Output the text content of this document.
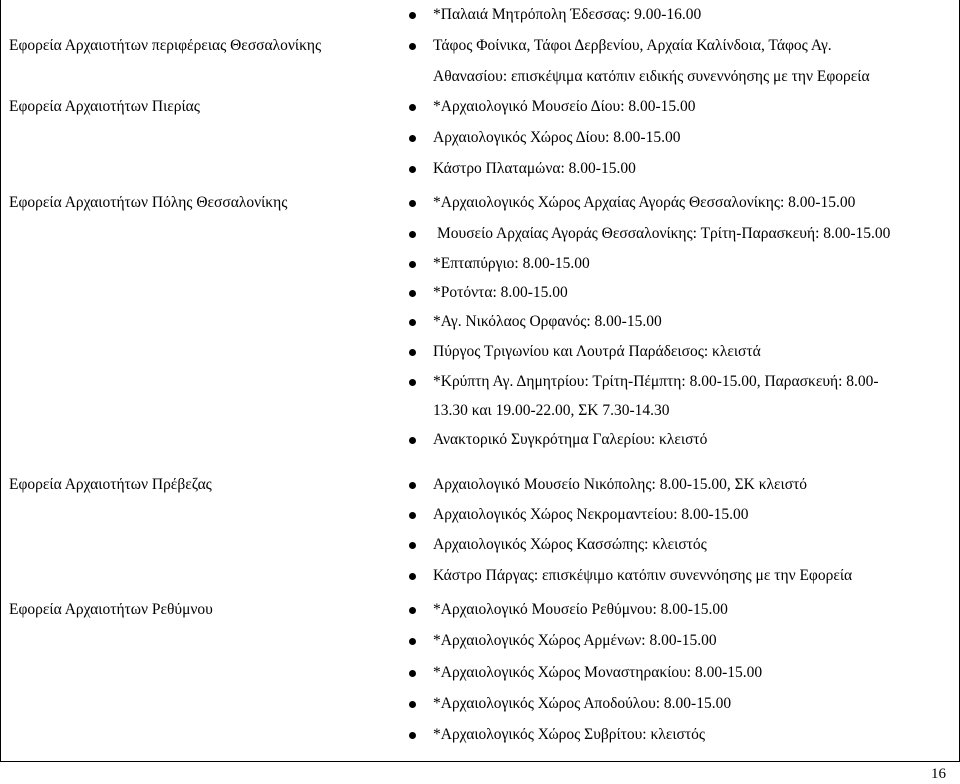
*Παλαιά Μητρόπολη Έδεσσας: 9.00-16.00
Εφορεία Αρχαιοτήτων περιφέρειας Θεσσαλονίκης	Τάφος Φοίνικα, Τάφοι Δερβενίου, Αρχαία Καλίνδοια, Τάφος Αγ.
Αθανασίου: επισκέψιμα κατόπιν ειδικής συνεννόησης με την Εφορεία
Εφορεία Αρχαιοτήτων Πιερίας	*Αρχαιολογικό Μουσείο Δίου: 8.00-15.00
Αρχαιολογικός Χώρος Δίου: 8.00-15.00
Κάστρο Πλαταμώνα: 8.00-15.00
Εφορεία Αρχαιοτήτων Πόλης Θεσσαλονίκης	*Αρχαιολογικός Χώρος Αρχαίας Αγοράς Θεσσαλονίκης: 8.00-15.00
Μουσείο Αρχαίας Αγοράς Θεσσαλονίκης: Τρίτη-Παρασκευή: 8.00-15.00
*Επταπύργιο: 8.00-15.00
*Ροτόντα: 8.00-15.00
*Αγ. Νικόλαος Ορφανός: 8.00-15.00
Πύργος Τριγωνίου και Λουτρά Παράδεισος: κλειστά
*Κρύπτη Αγ. Δημητρίου: Τρίτη-Πέμπτη: 8.00-15.00, Παρασκευή: 8.00-
13.30 και 19.00-22.00, ΣΚ 7.30-14.30
Ανακτορικό Συγκρότημα Γαλερίου: κλειστό
Εφορεία Αρχαιοτήτων Πρέβεζας	Αρχαιολογικό Μουσείο Νικόπολης: 8.00-15.00, ΣΚ κλειστό
Αρχαιολογικός Χώρος Νεκρομαντείου: 8.00-15.00
Αρχαιολογικός Χώρος Κασσώπης: κλειστός
Κάστρο Πάργας: επισκέψιμο κατόπιν συνεννόησης με την Εφορεία
Εφορεία Αρχαιοτήτων Ρεθύμνου	*Αρχαιολογικό Μουσείο Ρεθύμνου: 8.00-15.00
*Αρχαιολογικός Χώρος Αρμένων: 8.00-15.00
*Αρχαιολογικός Χώρος Μοναστηρακίου: 8.00-15.00
*Αρχαιολογικός Χώρος Αποδούλου: 8.00-15.00
*Αρχαιολογικός Χώρος Συβρίτου: κλειστός
16
